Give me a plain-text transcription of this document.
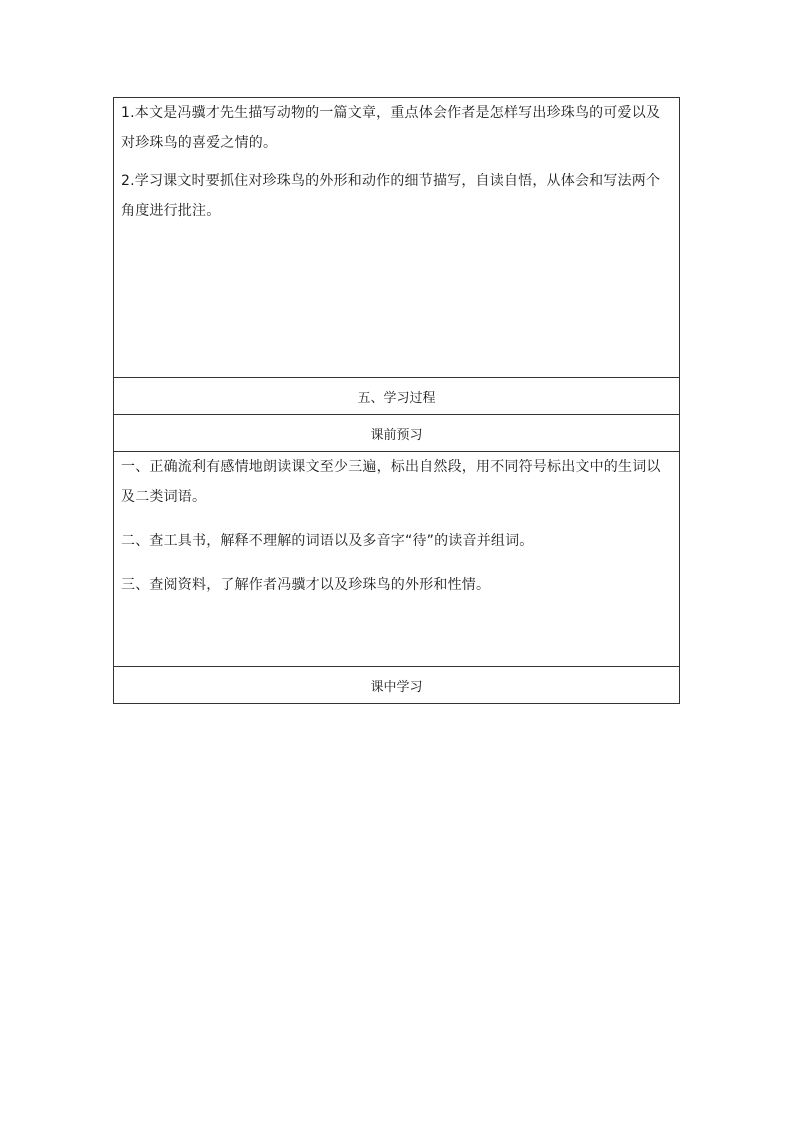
1.本文是冯骥才先生描写动物的一篇文章，重点体会作者是怎样写出珍珠鸟的可爱以及对珍珠鸟的喜爱之情的。

2.学习课文时要抓住对珍珠鸟的外形和动作的细节描写，自读自悟，从体会和写法两个角度进行批注。

五、学习过程
课前预习

一、正确流利有感情地朗读课文至少三遍，标出自然段，用不同符号标出文中的生词以及二类词语。

二、查工具书，解释不理解的词语以及多音字“待”的读音并组词。

三、查阅资料，了解作者冯骥才以及珍珠鸟的外形和性情。

课中学习
